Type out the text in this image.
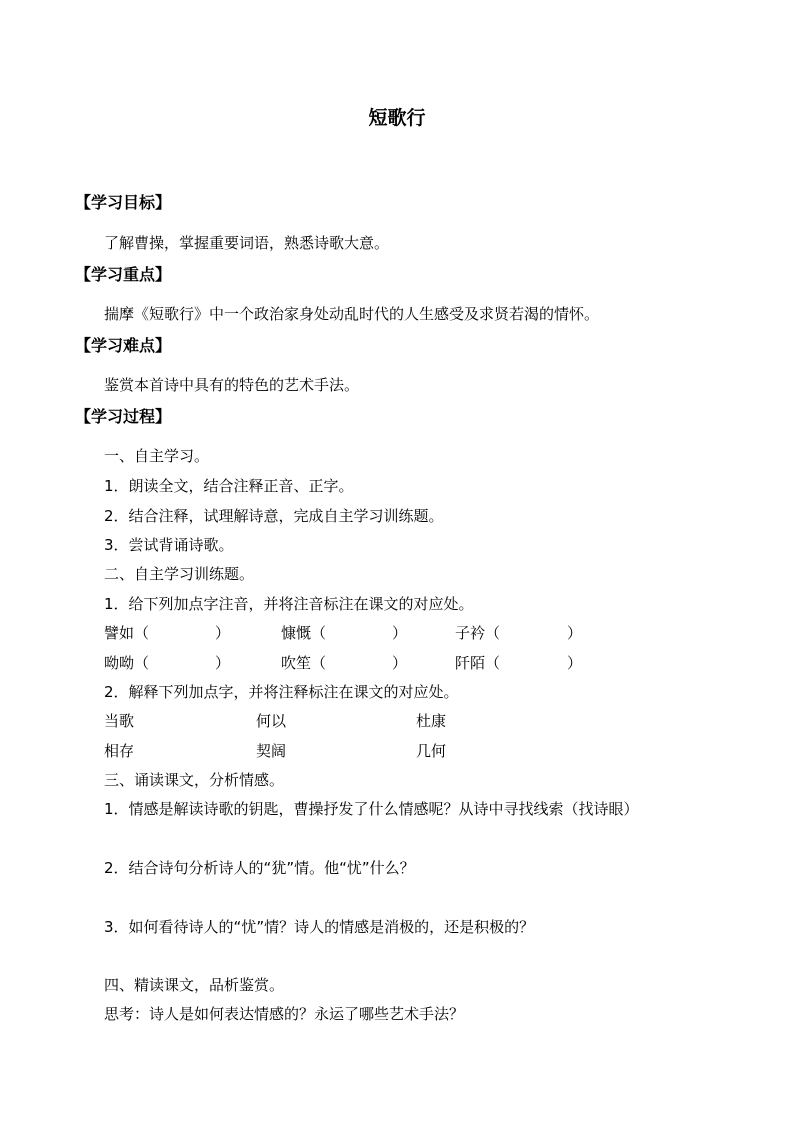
短歌行
【学习目标】
了解曹操，掌握重要词语，熟悉诗歌大意。
【学习重点】
揣摩《短歌行》中一个政治家身处动乱时代的人生感受及求贤若渴的情怀。
【学习难点】
鉴赏本首诗中具有的特色的艺术手法。
【学习过程】
一、自主学习。
1．朗读全文，结合注释正音、正字。
2．结合注释，试理解诗意，完成自主学习训练题。
3．尝试背诵诗歌。
二、自主学习训练题。
1．给下列加点字注音，并将注音标注在课文的对应处。
譬如（	）	慷慨（	）	子衿（	）
呦呦（	）	吹笙（	）	阡陌（	）
2．解释下列加点字，并将注释标注在课文的对应处。
当歌	何以	杜康
相存	契阔	几何
三、诵读课文，分析情感。
1．情感是解读诗歌的钥匙，曹操抒发了什么情感呢？从诗中寻找线索（找诗眼）
2．结合诗句分析诗人的“犹”情。他“忧”什么？
3．如何看待诗人的“忧”情？诗人的情感是消极的，还是积极的？
四、精读课文，品析鉴赏。
思考：诗人是如何表达情感的？永运了哪些艺术手法？
